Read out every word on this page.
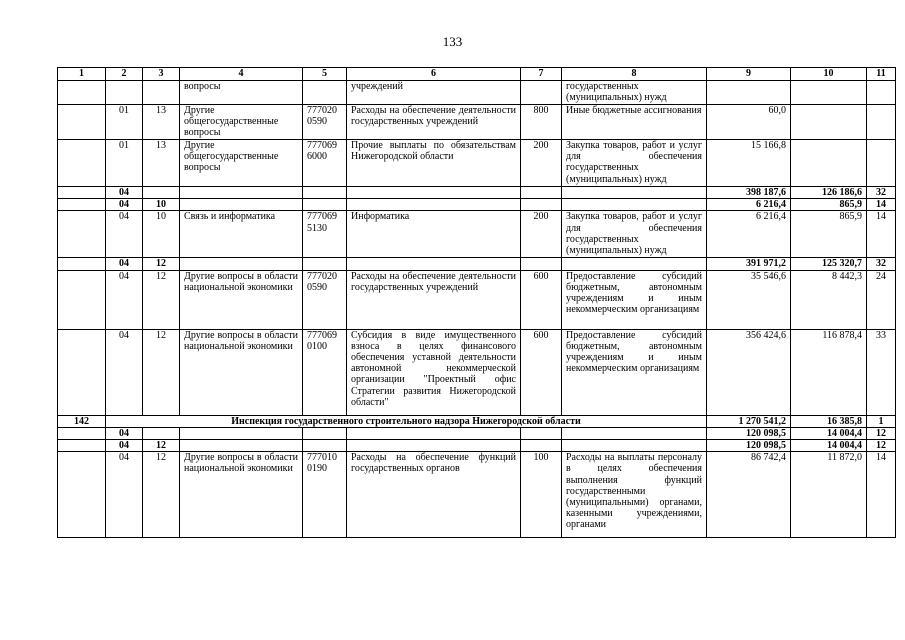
133
1	2	3	4	5	6	7	8	9	10	11
			вопросы		учреждений		государственных (муниципальных) нужд			
	01	13	Другие общегосударственные вопросы	777020 0590	Расходы на обеспечение деятельности государственных учреждений	800	Иные бюджетные ассигнования	60,0		
	01	13	Другие общегосударственные вопросы	777069 6000	Прочие выплаты по обязательствам Нижегородской области	200	Закупка товаров, работ и услуг для обеспечения государственных (муниципальных) нужд	15 166,8		
	04							398 187,6	126 186,6	32
	04	10						6 216,4	865,9	14
	04	10	Связь и информатика	777069 5130	Информатика	200	Закупка товаров, работ и услуг для обеспечения государственных (муниципальных) нужд	6 216,4	865,9	14
	04	12						391 971,2	125 320,7	32
	04	12	Другие вопросы в области национальной экономики	777020 0590	Расходы на обеспечение деятельности государственных учреждений	600	Предоставление субсидий бюджетным, автономным учреждениям и иным некоммерческим организациям	35 546,6	8 442,3	24
	04	12	Другие вопросы в области национальной экономики	777069 0100	Субсидия в виде имущественного взноса в целях финансового обеспечения уставной деятельности автономной некоммерческой организации "Проектный офис Стратегии развития Нижегородской области"	600	Предоставление субсидий бюджетным, автономным учреждениям и иным некоммерческим организациям	356 424,6	116 878,4	33
142	Инспекция государственного строительного надзора Нижегородской области							1 270 541,2	16 385,8	1
	04							120 098,5	14 004,4	12
	04	12						120 098,5	14 004,4	12
	04	12	Другие вопросы в области национальной экономики	777010 0190	Расходы на обеспечение функций государственных органов	100	Расходы на выплаты персоналу в целях обеспечения выполнения функций государственными (муниципальными) органами, казенными учреждениями, органами	86 742,4	11 872,0	14
